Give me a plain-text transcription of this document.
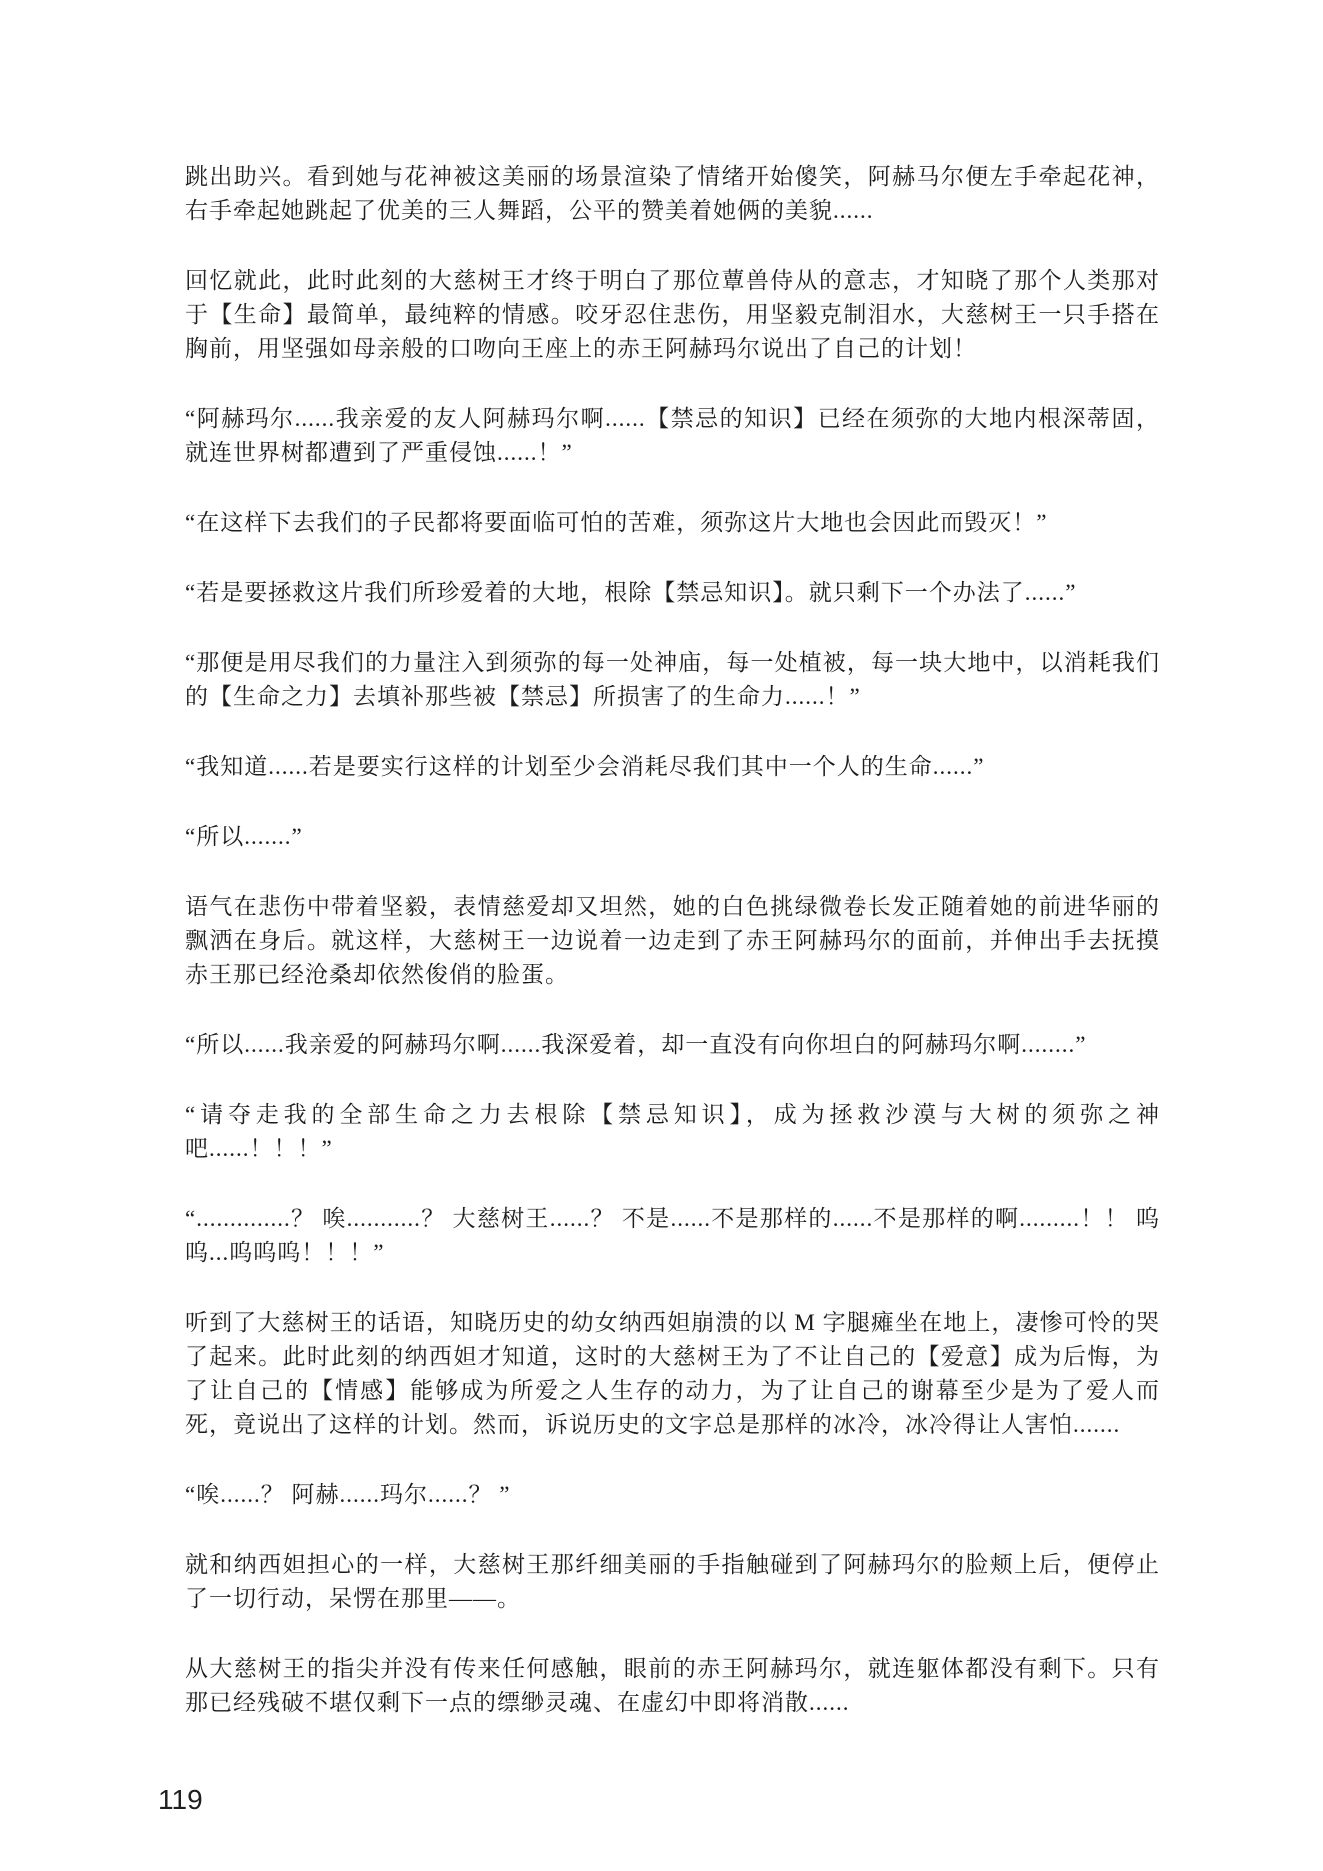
跳出助兴。看到她与花神被这美丽的场景渲染了情绪开始傻笑，阿赫马尔便左手牵起花神，右手牵起她跳起了优美的三人舞蹈，公平的赞美着她俩的美貌......

回忆就此，此时此刻的大慈树王才终于明白了那位蕈兽侍从的意志，才知晓了那个人类那对于【生命】最简单，最纯粹的情感。咬牙忍住悲伤，用坚毅克制泪水，大慈树王一只手搭在胸前，用坚强如母亲般的口吻向王座上的赤王阿赫玛尔说出了自己的计划！

“阿赫玛尔......我亲爱的友人阿赫玛尔啊......【禁忌的知识】已经在须弥的大地内根深蒂固，就连世界树都遭到了严重侵蚀......！”

“在这样下去我们的子民都将要面临可怕的苦难，须弥这片大地也会因此而毁灭！”

“若是要拯救这片我们所珍爱着的大地，根除【禁忌知识】。就只剩下一个办法了......”

“那便是用尽我们的力量注入到须弥的每一处神庙，每一处植被，每一块大地中，以消耗我们的【生命之力】去填补那些被【禁忌】所损害了的生命力......！”

“我知道......若是要实行这样的计划至少会消耗尽我们其中一个人的生命......”

“所以.......”

语气在悲伤中带着坚毅，表情慈爱却又坦然，她的白色挑绿微卷长发正随着她的前进华丽的飘洒在身后。就这样，大慈树王一边说着一边走到了赤王阿赫玛尔的面前，并伸出手去抚摸赤王那已经沧桑却依然俊俏的脸蛋。

“所以......我亲爱的阿赫玛尔啊......我深爱着，却一直没有向你坦白的阿赫玛尔啊........”

“请夺走我的全部生命之力去根除【禁忌知识】，成为拯救沙漠与大树的须弥之神吧......！！！”

“..............？ 唉...........？ 大慈树王......？ 不是......不是那样的......不是那样的啊.........！！ 呜呜...呜呜呜！！！”

听到了大慈树王的话语，知晓历史的幼女纳西妲崩溃的以 M 字腿瘫坐在地上，凄惨可怜的哭了起来。此时此刻的纳西妲才知道，这时的大慈树王为了不让自己的【爱意】成为后悔，为了让自己的【情感】能够成为所爱之人生存的动力，为了让自己的谢幕至少是为了爱人而死，竟说出了这样的计划。然而，诉说历史的文字总是那样的冰冷，冰冷得让人害怕.......

“唉......？ 阿赫......玛尔......？ ”

就和纳西妲担心的一样，大慈树王那纤细美丽的手指触碰到了阿赫玛尔的脸颊上后，便停止了一切行动，呆愣在那里——。

从大慈树王的指尖并没有传来任何感触，眼前的赤王阿赫玛尔，就连躯体都没有剩下。只有那已经残破不堪仅剩下一点的缥缈灵魂、在虚幻中即将消散......

119
